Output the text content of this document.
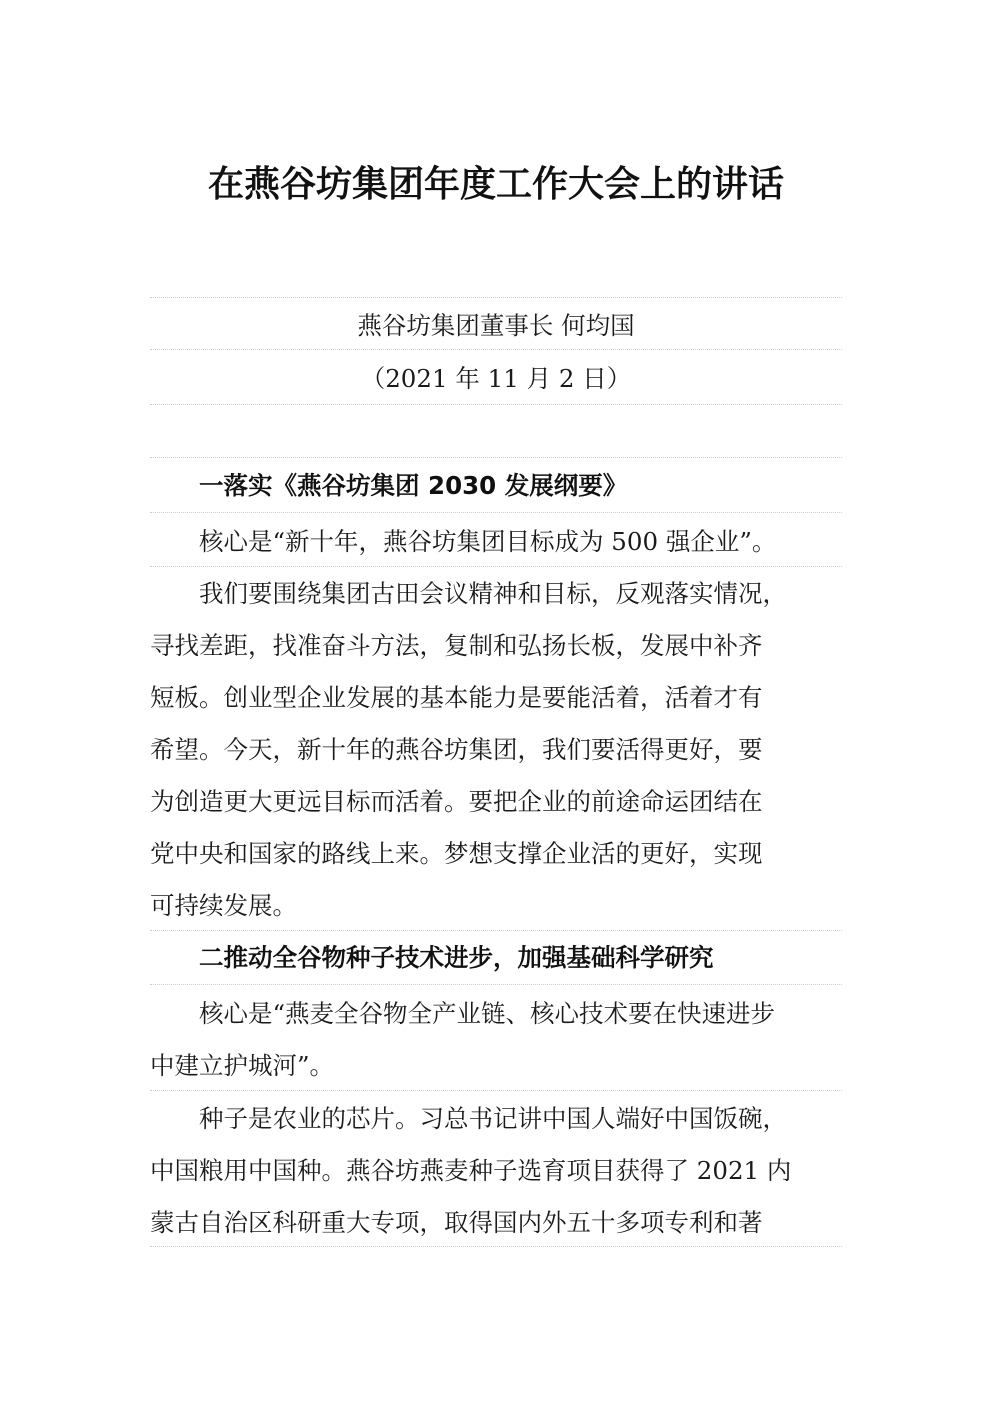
在燕谷坊集团年度工作大会上的讲话
燕谷坊集团董事长 何均国
（2021 年 11 月 2 日）
一落实《燕谷坊集团 2030 发展纲要》
核心是“新十年，燕谷坊集团目标成为 500 强企业”。
我们要围绕集团古田会议精神和目标，反观落实情况，
寻找差距，找准奋斗方法，复制和弘扬长板，发展中补齐
短板。创业型企业发展的基本能力是要能活着，活着才有
希望。今天，新十年的燕谷坊集团，我们要活得更好，要
为创造更大更远目标而活着。要把企业的前途命运团结在
党中央和国家的路线上来。梦想支撑企业活的更好，实现
可持续发展。
二推动全谷物种子技术进步，加强基础科学研究
核心是“燕麦全谷物全产业链、核心技术要在快速进步
中建立护城河”。
种子是农业的芯片。习总书记讲中国人端好中国饭碗，
中国粮用中国种。燕谷坊燕麦种子选育项目获得了 2021 内
蒙古自治区科研重大专项，取得国内外五十多项专利和著
